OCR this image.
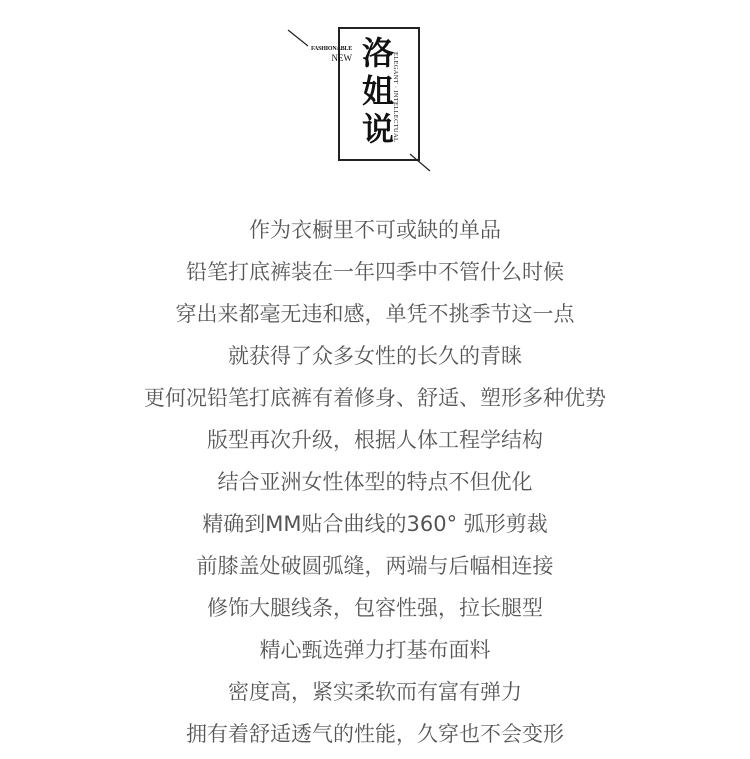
FASHIONABLE
NEW 洛
姐
说
ELEGANT · INTELLECTUAL
作为衣橱里不可或缺的单品
铅笔打底裤装在一年四季中不管什么时候
穿出来都毫无违和感，单凭不挑季节这一点
就获得了众多女性的长久的青睐
更何况铅笔打底裤有着修身、舒适、塑形多种优势
版型再次升级，根据人体工程学结构
结合亚洲女性体型的特点不但优化
精确到MM贴合曲线的360° 弧形剪裁
前膝盖处破圆弧缝，两端与后幅相连接
修饰大腿线条，包容性强，拉长腿型
精心甄选弹力打基布面料
密度高，紧实柔软而有富有弹力
拥有着舒适透气的性能，久穿也不会变形
